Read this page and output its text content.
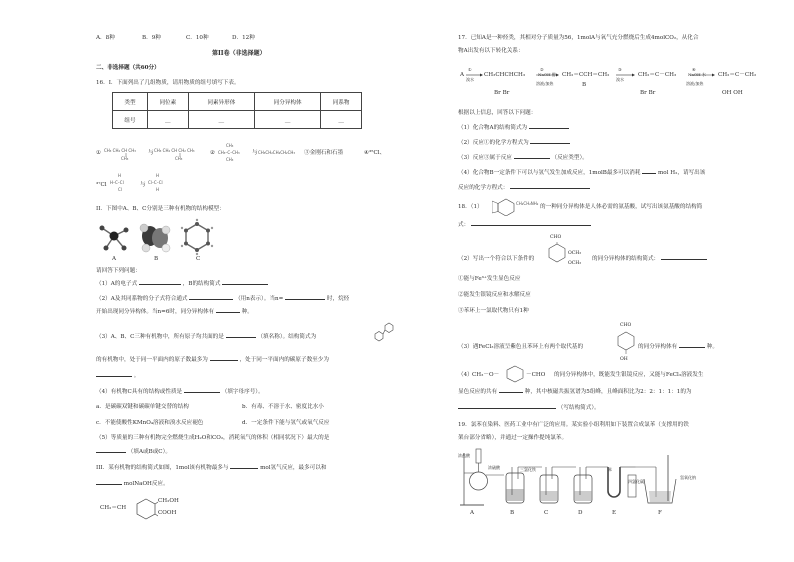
A．8种	B．9种	C．10种	D．12种
第II卷（非选择题）
二、非选择题（共60分）
16．I．下面列出了几组物质，请用物质的组号填写下表。
类型	同位素	同素异形体	同分异构体	同系物
组号	＿	＿	＿	＿
① CH₃ CH₂ CH CH₃
CH₃
与 CH₃ CH₂ CH CH₂ CH₃
CH₃
②
CH₃
CH₃–C–CH₃
CH₃
与 CH₃CH₂CH₂CH₂CH₃ ③金刚石和石墨	④³⁵Cl、
³⁷Cl
H
H–C–Cl
Cl
与
H
Cl–C–Cl
H
II．下图中A、B、C分别是三种有机物的结构模型：
A	B	C
请回答下列问题：
（1）A的电子式	，B的结构简式
（2）A及其同系物的分子式符合通式	（用n表示）。当n=	时，烷烃
开始出现同分异构体。当n=6时，同分异构体有	种。
（3）A、B、C三种有机物中，所有原子均共面的是	（填名称）。结构简式为
的有机物中，处于同一平面内的原子数最多为	，处于同一平面内的碳原子数至少为
。
（4）有机物C具有的结构或性质是	（填字母序号）。
a．是碳碳双键和碳碳单键交替的结构	b．有毒、不溶于水、密度比水小
c．不能使酸性KMnO₄溶液和溴水反应褪色	d．一定条件下能与氢气或氧气反应
（5）等质量的三种有机物完全燃烧生成H₂O和CO₂，消耗氧气的体积（相同状况下）最大的是
（填A或B或C）。
III．某有机物的结构简式如图，1mol该有机物最多与	mol氢气反应，最多可以和
molNaOH反应。
CH₂＝CH
CH₂OH
COOH
17．已知A是一种烃类，其相对分子质量为56，1molA与氧气充分燃烧后生成4molCO₂，从化合
物A出发有以下转化关系：
A
①
溴水
CH₃CHCHCH₃
Br Br
②
NaOH 醇
溶液/加热
CH₂＝CCH＝CH₂
B
③
溴水
CH₂＝C－CH₃
Br Br
④
NaOH 水
溶液/加热
CH₂＝C－CH₂
OH OH
根据以上信息，回答以下问题：
（1）化合物A的结构简式为
（2）反应①的化学方程式为
（3）反应③属于反应	（反应类型）。
（4）化合物B一定条件下可以与氢气发生加成反应，1molB最多可以消耗	mol H₂，请写出该
反应的化学方程式：
18．（1）
CH₂CH₂NH₂
的一种同分异构体是人体必需的氨基酸，试写出该氨基酸的结构简
式：
（2）写出一个符合以下条件的
CHO
OCH₃
OCH₃
的同分异构体的结构简式：
①能与Fe³⁺发生显色反应
②能发生银镜反应和水解反应
③苯环上一氯取代物只有1种
CHO
（3）遇FeCl₃溶液呈紫色且苯环上有两个取代基的	的同分异构体有	种。
OH
（4） CH₃－O－	－CHO 的同分异构体中，既能发生银镜反应，又能与FeCl₃溶液发生
显色反应的共有	种，其中核磁共振氢谱为5组峰，且峰面积比为2：2：1：1：1的为
（写结构简式）。
19．氯苯在染料、医药工业中有广泛的应用。某实验小组利用如下装置合成氯苯（支撑用的铁
架台部分省略），并通过一定操作提纯氯苯。
浓盐酸
浓硫酸	三氯化铁
四氯化碳
苯
氢氧化钠
A	B	C	D	E	F
